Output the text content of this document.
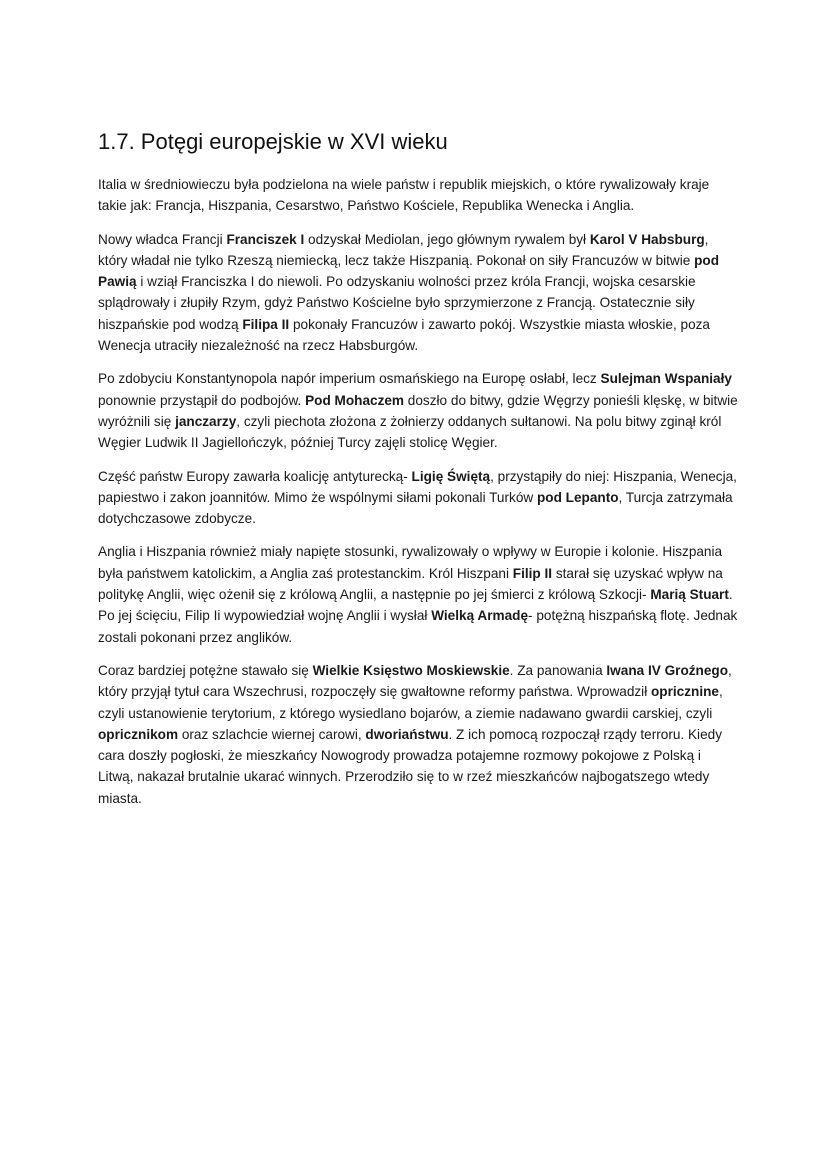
1.7. Potęgi europejskie w XVI wieku

Italia w średniowieczu była podzielona na wiele państw i republik miejskich, o które rywalizowały kraje takie jak: Francja, Hiszpania, Cesarstwo, Państwo Kościele, Republika Wenecka i Anglia.

Nowy władca Francji Franciszek I odzyskał Mediolan, jego głównym rywalem był Karol V Habsburg, który władał nie tylko Rzeszą niemiecką, lecz także Hiszpanią. Pokonał on siły Francuzów w bitwie pod Pawią i wziął Franciszka I do niewoli. Po odzyskaniu wolności przez króla Francji, wojska cesarskie splądrowały i złupiły Rzym, gdyż Państwo Kościelne było sprzymierzone z Francją. Ostatecznie siły hiszpańskie pod wodzą Filipa II pokonały Francuzów i zawarto pokój. Wszystkie miasta włoskie, poza Wenecja utraciły niezależność na rzecz Habsburgów.

Po zdobyciu Konstantynopola napór imperium osmańskiego na Europę osłabł, lecz Sulejman Wspaniały ponownie przystąpił do podbojów. Pod Mohaczem doszło do bitwy, gdzie Węgrzy ponieśli klęskę, w bitwie wyróżnili się janczarzy, czyli piechota złożona z żołnierzy oddanych sułtanowi. Na polu bitwy zginął król Węgier Ludwik II Jagiellończyk, później Turcy zajęli stolicę Węgier.

Część państw Europy zawarła koalicję antyturecką- Ligię Świętą, przystąpiły do niej: Hiszpania, Wenecja, papiestwo i zakon joannitów. Mimo że wspólnymi siłami pokonali Turków pod Lepanto, Turcja zatrzymała dotychczasowe zdobycze.

Anglia i Hiszpania również miały napięte stosunki, rywalizowały o wpływy w Europie i kolonie. Hiszpania była państwem katolickim, a Anglia zaś protestanckim. Król Hiszpani Filip II starał się uzyskać wpływ na politykę Anglii, więc ożenił się z królową Anglii, a następnie po jej śmierci z królową Szkocji- Marią Stuart. Po jej ścięciu, Filip Ii wypowiedział wojnę Anglii i wysłał Wielką Armadę- potężną hiszpańską flotę. Jednak zostali pokonani przez anglików.

Coraz bardziej potężne stawało się Wielkie Księstwo Moskiewskie. Za panowania Iwana IV Groźnego, który przyjął tytuł cara Wszechrusi, rozpoczęły się gwałtowne reformy państwa. Wprowadził opricznine, czyli ustanowienie terytorium, z którego wysiedlano bojarów, a ziemie nadawano gwardii carskiej, czyli opricznikom oraz szlachcie wiernej carowi, dworiaństwu. Z ich pomocą rozpoczął rządy terroru. Kiedy cara doszły pogłoski, że mieszkańcy Nowogrody prowadza potajemne rozmowy pokojowe z Polską i Litwą, nakazał brutalnie ukarać winnych. Przerodziło się to w rzeź mieszkańców najbogatszego wtedy miasta.
